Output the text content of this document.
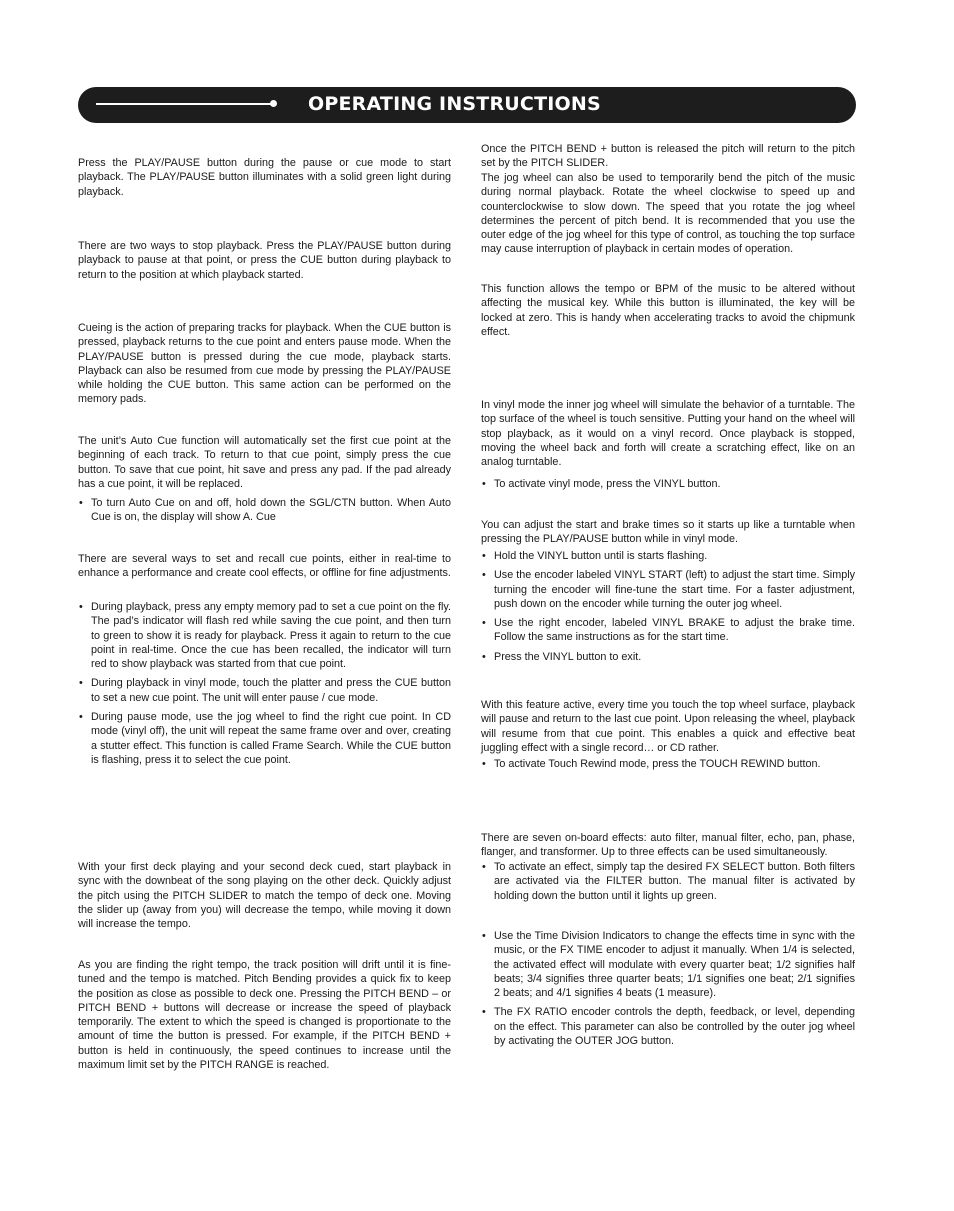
OPERATING INSTRUCTIONS

Press the PLAY/PAUSE button during the pause or cue mode to start playback. The PLAY/PAUSE button illuminates with a solid green light during playback.

There are two ways to stop playback. Press the PLAY/PAUSE button during playback to pause at that point, or press the CUE button during playback to return to the position at which playback started.

Cueing is the action of preparing tracks for playback. When the CUE button is pressed, playback returns to the cue point and enters pause mode. When the PLAY/PAUSE button is pressed during the cue mode, playback starts. Playback can also be resumed from cue mode by pressing the PLAY/PAUSE while holding the CUE button. This same action can be performed on the memory pads.

The unit’s Auto Cue function will automatically set the first cue point at the beginning of each track. To return to that cue point, simply press the cue button. To save that cue point, hit save and press any pad. If the pad already has a cue point, it will be replaced.

• To turn Auto Cue on and off, hold down the SGL/CTN button. When Auto Cue is on, the display will show A. Cue

There are several ways to set and recall cue points, either in real-time to enhance a performance and create cool effects, or offline for fine adjustments.

• During playback, press any empty memory pad to set a cue point on the fly. The pad’s indicator will flash red while saving the cue point, and then turn to green to show it is ready for playback. Press it again to return to the cue point in real-time. Once the cue has been recalled, the indicator will turn red to show playback was started from that cue point.
• During playback in vinyl mode, touch the platter and press the CUE button to set a new cue point. The unit will enter pause / cue mode.
• During pause mode, use the jog wheel to find the right cue point. In CD mode (vinyl off), the unit will repeat the same frame over and over, creating a stutter effect. This function is called Frame Search. While the CUE button is flashing, press it to select the cue point.

With your first deck playing and your second deck cued, start playback in sync with the downbeat of the song playing on the other deck. Quickly adjust the pitch using the PITCH SLIDER to match the tempo of deck one. Moving the slider up (away from you) will decrease the tempo, while moving it down will increase the tempo.

As you are finding the right tempo, the track position will drift until it is fine-tuned and the tempo is matched. Pitch Bending provides a quick fix to keep the position as close as possible to deck one. Pressing the PITCH BEND – or PITCH BEND + buttons will decrease or increase the speed of playback temporarily. The extent to which the speed is changed is proportionate to the amount of time the button is pressed. For example, if the PITCH BEND + button is held in continuously, the speed continues to increase until the maximum limit set by the PITCH RANGE is reached.

Once the PITCH BEND + button is released the pitch will return to the pitch set by the PITCH SLIDER.

The jog wheel can also be used to temporarily bend the pitch of the music during normal playback. Rotate the wheel clockwise to speed up and counterclockwise to slow down. The speed that you rotate the jog wheel determines the percent of pitch bend. It is recommended that you use the outer edge of the jog wheel for this type of control, as touching the top surface may cause interruption of playback in certain modes of operation.

This function allows the tempo or BPM of the music to be altered without affecting the musical key. While this button is illuminated, the key will be locked at zero. This is handy when accelerating tracks to avoid the chipmunk effect.

In vinyl mode the inner jog wheel will simulate the behavior of a turntable. The top surface of the wheel is touch sensitive. Putting your hand on the wheel will stop playback, as it would on a vinyl record. Once playback is stopped, moving the wheel back and forth will create a scratching effect, like on an analog turntable.

• To activate vinyl mode, press the VINYL button.

You can adjust the start and brake times so it starts up like a turntable when pressing the PLAY/PAUSE button while in vinyl mode.

• Hold the VINYL button until is starts flashing.
• Use the encoder labeled VINYL START (left) to adjust the start time. Simply turning the encoder will fine-tune the start time. For a faster adjustment, push down on the encoder while turning the outer jog wheel.
• Use the right encoder, labeled VINYL BRAKE to adjust the brake time. Follow the same instructions as for the start time.
• Press the VINYL button to exit.

With this feature active, every time you touch the top wheel surface, playback will pause and return to the last cue point. Upon releasing the wheel, playback will resume from that cue point. This enables a quick and effective beat juggling effect with a single record… or CD rather.

• To activate Touch Rewind mode, press the TOUCH REWIND button.

There are seven on-board effects: auto filter, manual filter, echo, pan, phase, flanger, and transformer. Up to three effects can be used simultaneously.

• To activate an effect, simply tap the desired FX SELECT button. Both filters are activated via the FILTER button. The manual filter is activated by holding down the button until it lights up green.
• Use the Time Division Indicators to change the effects time in sync with the music, or the FX TIME encoder to adjust it manually. When 1/4 is selected, the activated effect will modulate with every quarter beat; 1/2 signifies half beats; 3/4 signifies three quarter beats; 1/1 signifies one beat; 2/1 signifies 2 beats; and 4/1 signifies 4 beats (1 measure).
• The FX RATIO encoder controls the depth, feedback, or level, depending on the effect. This parameter can also be controlled by the outer jog wheel by activating the OUTER JOG button.
